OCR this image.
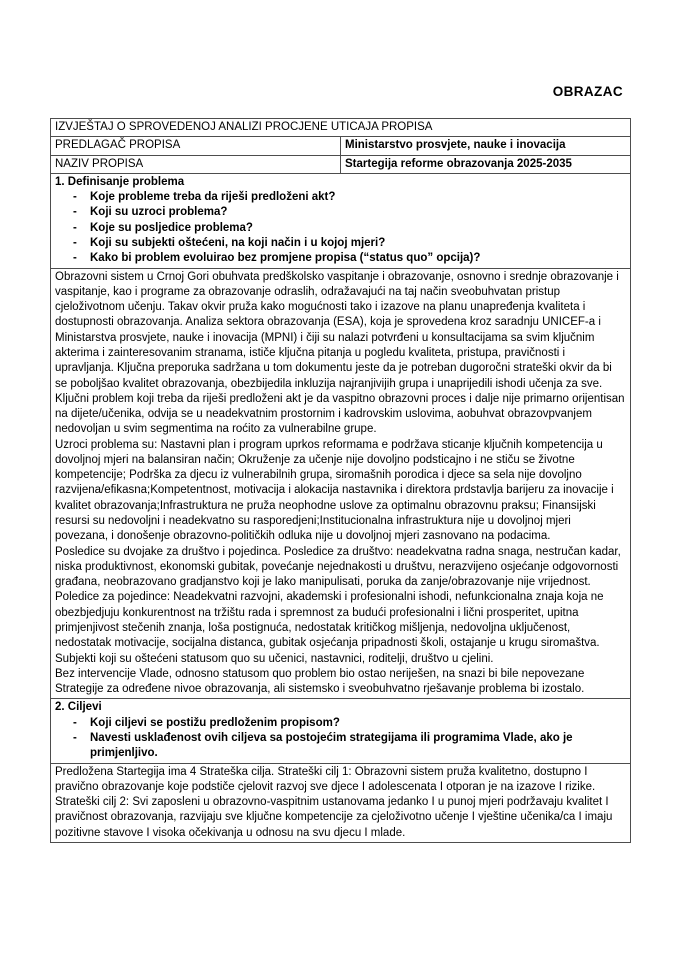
OBRAZAC
IZVJEŠTAJ O SPROVEDENOJ ANALIZI PROCJENE UTICAJA PROPISA	
PREDLAGAČ PROPISA	Ministarstvo prosvjete, nauke i inovacija
NAZIV PROPISA	Startegija reforme obrazovanja 2025-2035

1. Definisanje problema
-	Koje probleme treba da riješi predloženi akt?
-	Koji su uzroci problema?
-	Koje su posljedice problema?
-	Koji su subjekti oštećeni, na koji način i u kojoj mjeri?
-	Kako bi problem evoluirao bez promjene propisa (“status quo” opcija)?

Obrazovni sistem u Crnoj Gori obuhvata predškolsko vaspitanje i obrazovanje, osnovno i srednje obrazovanje i vaspitanje, kao i programe za obrazovanje odraslih, odražavajući na taj način sveobuhvatan pristup cjeloživotnom učenju. Takav okvir pruža kako mogućnosti tako i izazove na planu unapređenja kvaliteta i dostupnosti obrazovanja. Analiza sektora obrazovanja (ESA), koja je sprovedena kroz saradnju UNICEF-a i Ministarstva prosvjete, nauke i inovacija (MPNI) i čiji su nalazi potvrđeni u konsultacijama sa svim ključnim akterima i zainteresovanim stranama, ističe ključna pitanja u pogledu kvaliteta, pristupa, pravičnosti i upravljanja. Ključna preporuka sadržana u tom dokumentu jeste da je potreban dugoročni strateški okvir da bi se poboljšao kvalitet obrazovanja, obezbijedila inkluzija najranjivijih grupa i unaprijedili ishodi učenja za sve.

Ključni problem koji treba da riješi predloženi akt je da vaspitno obrazovni proces i dalje nije primarno orijentisan na dijete/učenika, odvija se u neadekvatnim prostornim i kadrovskim uslovima, aobuhvat obrazovpvanjem nedovoljan u svim segmentima na roćito za vulnerabilne grupe.

Uzroci problema su: Nastavni plan i program uprkos reformama e podržava sticanje ključnih kompetencija u dovoljnoj mjeri na balansiran način; Okruženje za učenje nije dovoljno podsticajno i ne stiču se životne kompetencije; Podrška za djecu iz vulnerabilnih grupa, siromašnih porodica i djece sa sela nije dovoljno razvijena/efikasna;Kompetentnost, motivacija i alokacija nastavnika i direktora prdstavlja barijeru za inovacije i kvalitet obrazovanja;Infrastruktura ne pruža neophodne uslove za optimalnu obrazovnu praksu; Finansijski resursi su nedovoljni i neadekvatno su rasporedjeni;Institucionalna infrastruktura nije u dovoljnoj mjeri povezana, i donošenje obrazovno-političkih odluka nije u dovoljnoj mjeri zasnovano na podacima.

Posledice su dvojake za društvo i pojedinca. Posledice za društvo: neadekvatna radna snaga, nestručan kadar, niska produktivnost, ekonomski gubitak, povećanje nejednakosti u društvu, nerazvijeno osjećanje odgovornosti građana, neobrazovano gradjanstvo koji je lako manipulisati, poruka da zanje/obrazovanje nije vrijednost. Poledice za pojedince: Neadekvatni razvojni, akademski i profesionalni ishodi, nefunkcionalna znaja koja ne obezbjedjuju konkurentnost na tržištu rada i spremnost za budući profesionalni i lični prosperitet, upitna primjenjivost stečenih znanja, loša postignuća, nedostatak kritičkog mišljenja, nedovoljna uključenost, nedostatak motivacije, socijalna distanca, gubitak osjećanja pripadnosti školi, ostajanje u krugu siromaštva.

Subjekti koji su oštećeni statusom quo su učenici, nastavnici, roditelji, društvo u cjelini.

Bez intervencije Vlade, odnosno statusom quo problem bio ostao neriješen, na snazi bi bile nepovezane Strategije za određene nivoe obrazovanja, ali sistemsko i sveobuhvatno rješavanje problema bi izostalo.

2. Ciljevi
- Koji ciljevi se postižu predloženim propisom?
- Navesti usklađenost ovih ciljeva sa postojećim strategijama ili programima Vlade, ako je primjenljivo.	

Predložena Startegija ima 4 Strateška cilja. Strateški cilj 1: Obrazovni sistem pruža kvalitetno, dostupno I pravično obrazovanje koje podstiče cjelovit razvoj sve djece I adolescenata I otporan je na izazove I rizike. Strateški cilj 2: Svi zaposleni u obrazovno-vaspitnim ustanovama jedanko I u punoj mjeri podržavaju kvalitet I pravičnost obrazovanja, razvijaju sve ključne kompetencije za cjeloživotno učenje I vještine učenika/ca I imaju pozitivne stavove I visoka očekivanja u odnosu na svu djecu I mlade.	
